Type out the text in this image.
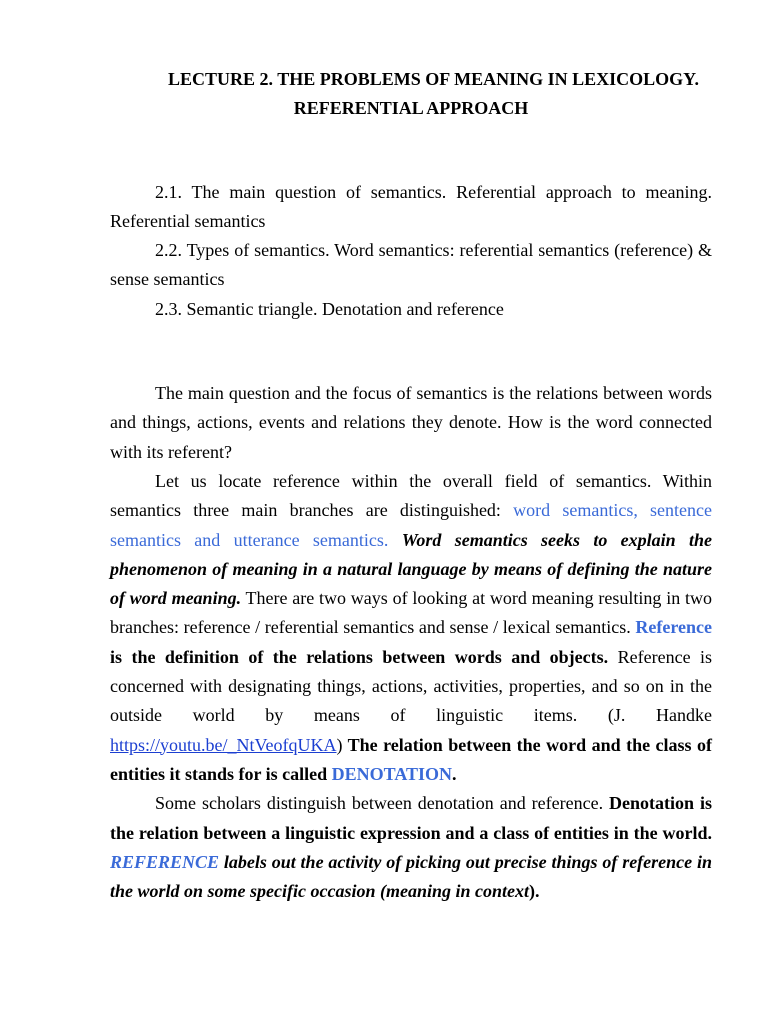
LECTURE 2. THE PROBLEMS OF MEANING IN LEXICOLOGY.
REFERENTIAL APPROACH

2.1. The main question of semantics. Referential approach to meaning. Referential semantics

2.2. Types of semantics. Word semantics: referential semantics (reference) & sense semantics

2.3. Semantic triangle. Denotation and reference

The main question and the focus of semantics is the relations between words and things, actions, events and relations they denote. How is the word connected with its referent?

Let us locate reference within the overall field of semantics. Within semantics three main branches are distinguished: word semantics, sentence semantics and utterance semantics. Word semantics seeks to explain the phenomenon of meaning in a natural language by means of defining the nature of word meaning. There are two ways of looking at word meaning resulting in two branches: reference / referential semantics and sense / lexical semantics. Reference is the definition of the relations between words and objects. Reference is concerned with designating things, actions, activities, properties, and so on in the outside world by means of linguistic items. (J. Handke https://youtu.be/_NtVeofqUKA) The relation between the word and the class of entities it stands for is called DENOTATION.

Some scholars distinguish between denotation and reference. Denotation is the relation between a linguistic expression and a class of entities in the world. REFERENCE labels out the activity of picking out precise things of reference in the world on some specific occasion (meaning in context).
